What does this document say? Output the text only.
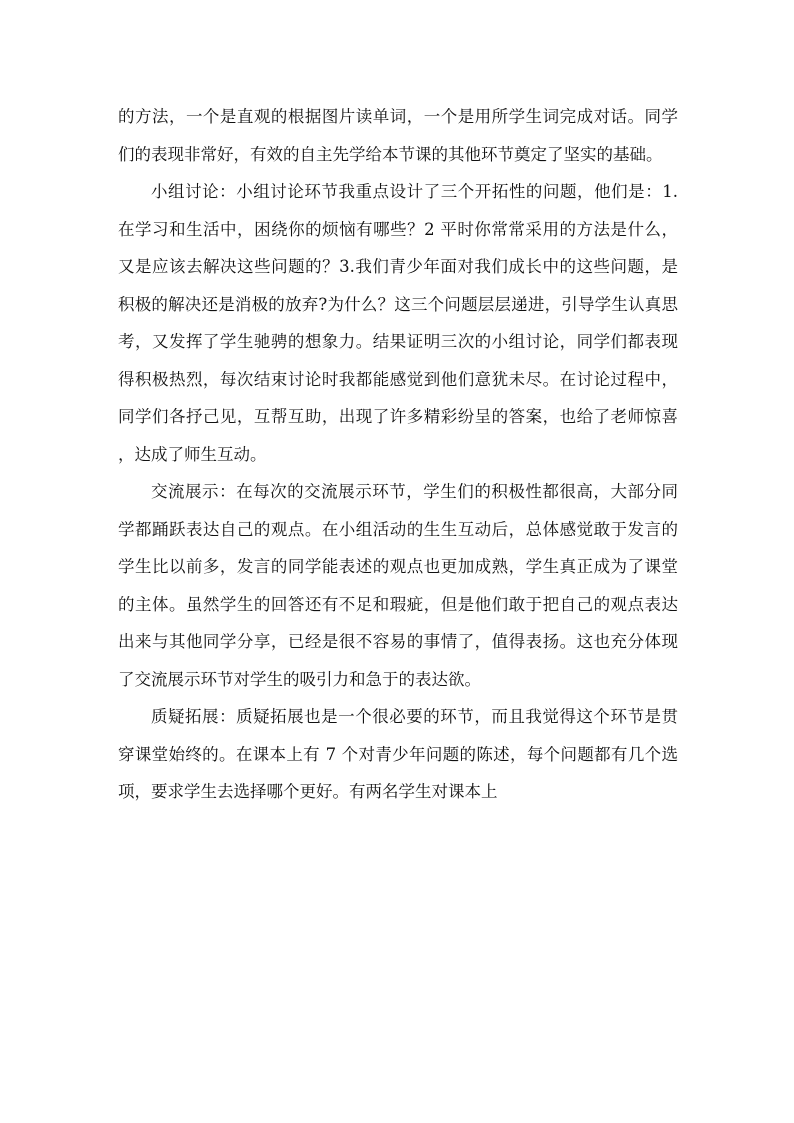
的方法，一个是直观的根据图片读单词，一个是用所学生词完成对话。同学们的表现非常好，有效的自主先学给本节课的其他环节奠定了坚实的基础。

小组讨论：小组讨论环节我重点设计了三个开拓性的问题，他们是：1.在学习和生活中，困绕你的烦恼有哪些？2 平时你常常采用的方法是什么，又是应该去解决这些问题的？3.我们青少年面对我们成长中的这些问题，是积极的解决还是消极的放弃?为什么？这三个问题层层递进，引导学生认真思考，又发挥了学生驰骋的想象力。结果证明三次的小组讨论，同学们都表现得积极热烈，每次结束讨论时我都能感觉到他们意犹未尽。在讨论过程中，同学们各抒己见，互帮互助，出现了许多精彩纷呈的答案，也给了老师惊喜，达成了师生互动。

交流展示：在每次的交流展示环节，学生们的积极性都很高，大部分同学都踊跃表达自己的观点。在小组活动的生生互动后，总体感觉敢于发言的学生比以前多，发言的同学能表述的观点也更加成熟，学生真正成为了课堂的主体。虽然学生的回答还有不足和瑕疵，但是他们敢于把自己的观点表达出来与其他同学分享，已经是很不容易的事情了，值得表扬。这也充分体现了交流展示环节对学生的吸引力和急于的表达欲。

质疑拓展：质疑拓展也是一个很必要的环节，而且我觉得这个环节是贯穿课堂始终的。在课本上有 7 个对青少年问题的陈述，每个问题都有几个选项，要求学生去选择哪个更好。有两名学生对课本上
